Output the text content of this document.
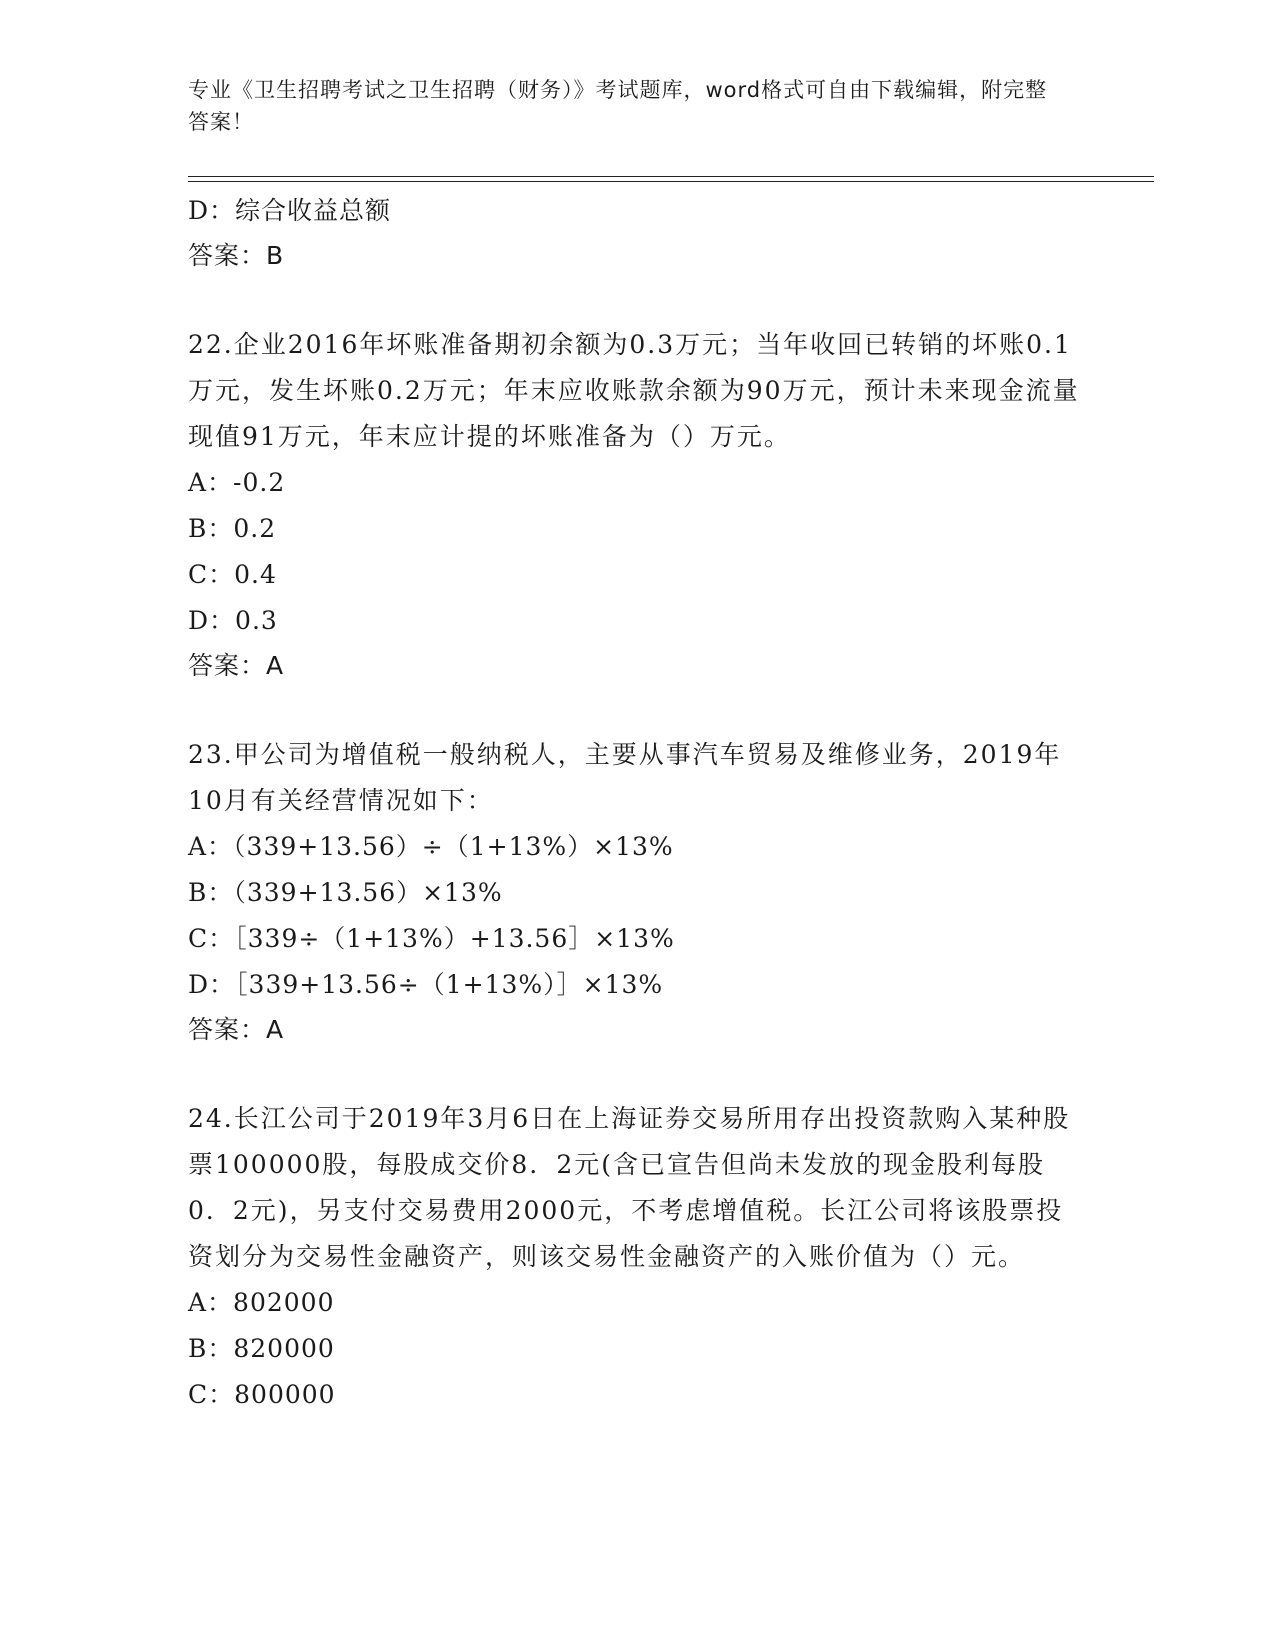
专业《卫生招聘考试之卫生招聘（财务）》考试题库，word格式可自由下载编辑，附完整答案！
D：综合收益总额
答案：B
22.企业2016年坏账准备期初余额为0.3万元；当年收回已转销的坏账0.1万元，发生坏账0.2万元；年末应收账款余额为90万元，预计未来现金流量现值91万元，年末应计提的坏账准备为（）万元。
A：-0.2
B：0.2
C：0.4
D：0.3
答案：A
23.甲公司为增值税一般纳税人，主要从事汽车贸易及维修业务，2019年10月有关经营情况如下：
A：（339+13.56）÷（1+13%）×13%
B：（339+13.56）×13%
C：［339÷（1+13%）+13.56］×13%
D：［339+13.56÷（1+13%）］×13%
答案：A
24.长江公司于2019年3月6日在上海证券交易所用存出投资款购入某种股票100000股，每股成交价8．2元(含已宣告但尚未发放的现金股利每股0．2元)，另支付交易费用2000元，不考虑增值税。长江公司将该股票投资划分为交易性金融资产，则该交易性金融资产的入账价值为（）元。
A：802000
B：820000
C：800000
